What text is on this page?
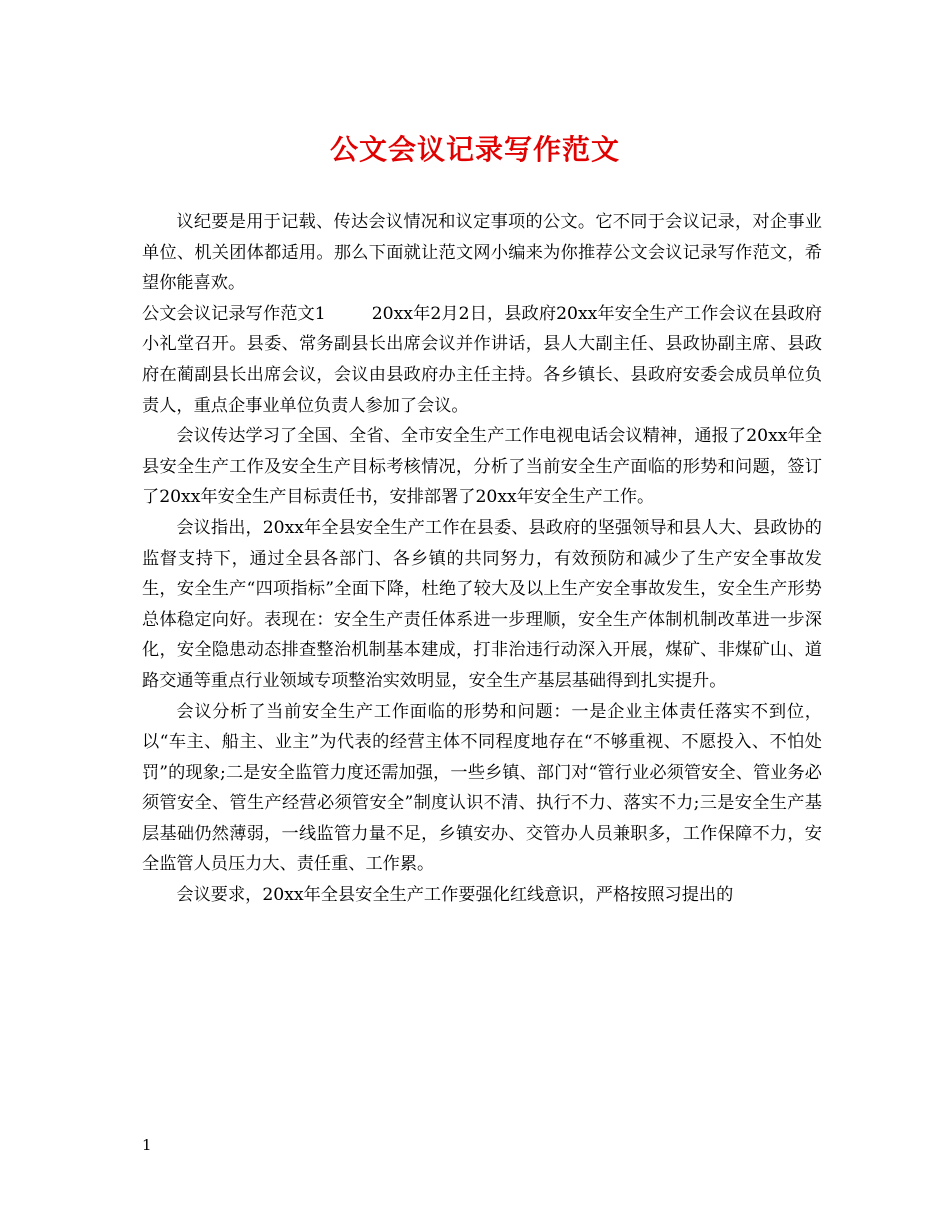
公文会议记录写作范文

议纪要是用于记载、传达会议情况和议定事项的公文。它不同于会议记录，对企事业单位、机关团体都适用。那么下面就让范文网小编来为你推荐公文会议记录写作范文，希望你能喜欢。

公文会议记录写作范文1	20xx年2月2日，县政府20xx年安全生产工作会议在县政府小礼堂召开。县委、常务副县长出席会议并作讲话，县人大副主任、县政协副主席、县政府在蔺副县长出席会议，会议由县政府办主任主持。各乡镇长、县政府安委会成员单位负责人，重点企事业单位负责人参加了会议。

会议传达学习了全国、全省、全市安全生产工作电视电话会议精神，通报了20xx年全县安全生产工作及安全生产目标考核情况，分析了当前安全生产面临的形势和问题，签订了20xx年安全生产目标责任书，安排部署了20xx年安全生产工作。

会议指出，20xx年全县安全生产工作在县委、县政府的坚强领导和县人大、县政协的监督支持下，通过全县各部门、各乡镇的共同努力，有效预防和减少了生产安全事故发生，安全生产“四项指标”全面下降，杜绝了较大及以上生产安全事故发生，安全生产形势总体稳定向好。表现在：安全生产责任体系进一步理顺，安全生产体制机制改革进一步深化，安全隐患动态排查整治机制基本建成，打非治违行动深入开展，煤矿、非煤矿山、道路交通等重点行业领域专项整治实效明显，安全生产基层基础得到扎实提升。

会议分析了当前安全生产工作面临的形势和问题：一是企业主体责任落实不到位，以“车主、船主、业主”为代表的经营主体不同程度地存在“不够重视、不愿投入、不怕处罚”的现象;二是安全监管力度还需加强，一些乡镇、部门对“管行业必须管安全、管业务必须管安全、管生产经营必须管安全”制度认识不清、执行不力、落实不力;三是安全生产基层基础仍然薄弱，一线监管力量不足，乡镇安办、交管办人员兼职多，工作保障不力，安全监管人员压力大、责任重、工作累。

会议要求，20xx年全县安全生产工作要强化红线意识，严格按照习提出的

1
